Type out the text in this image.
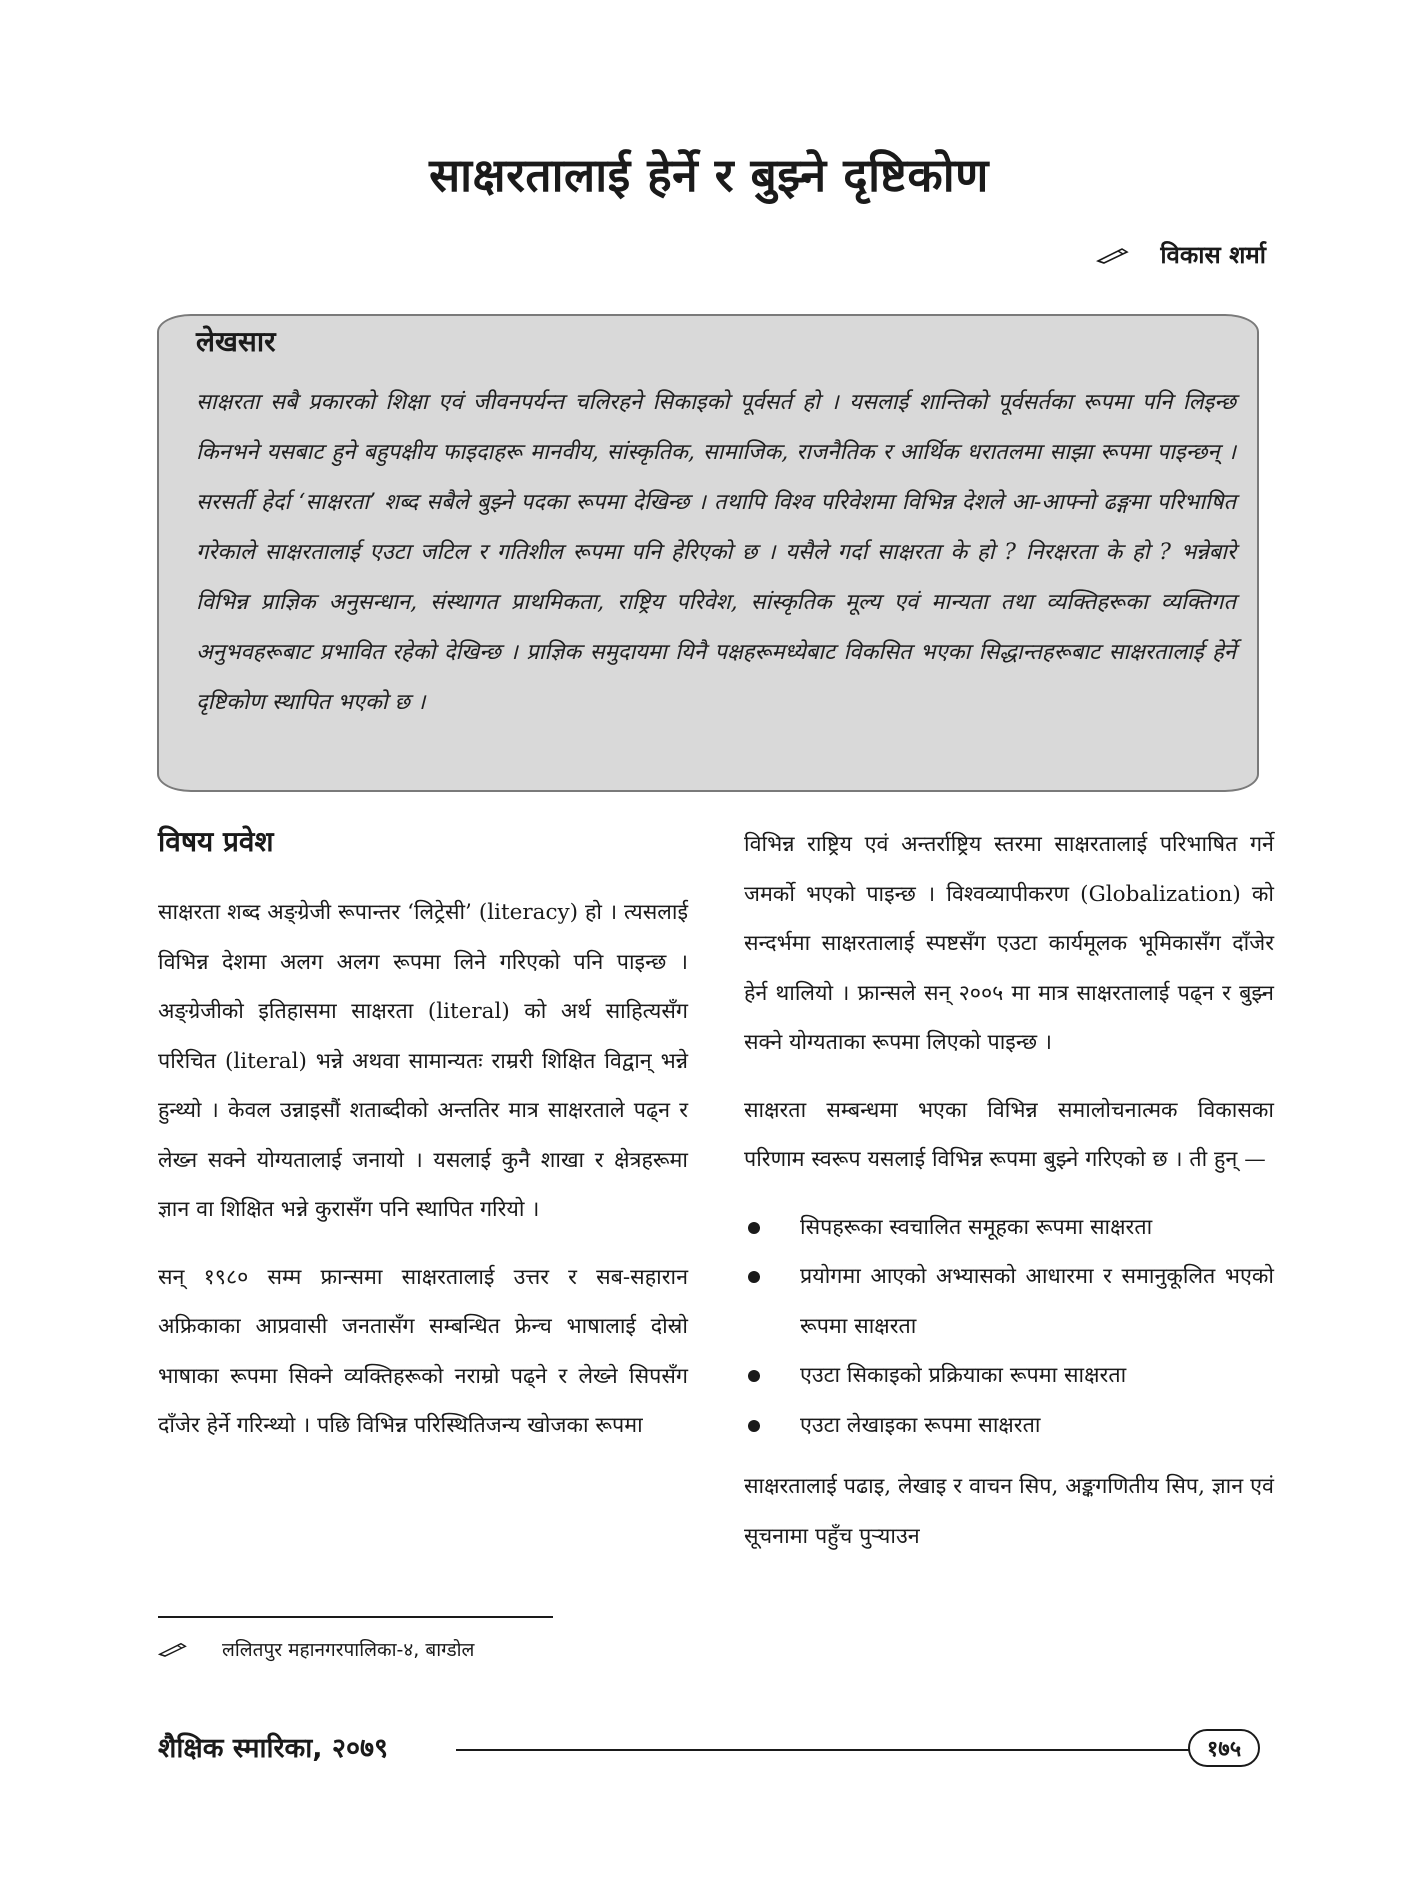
साक्षरतालाई हेर्ने र बुझ्ने दृष्टिकोण
विकास शर्मा
लेखसार

साक्षरता सबै प्रकारको शिक्षा एवं जीवनपर्यन्त चलिरहने सिकाइको पूर्वसर्त हो । यसलाई शान्तिको पूर्वसर्तका रूपमा पनि लिइन्छ किनभने यसबाट हुने बहुपक्षीय फाइदाहरू मानवीय, सांस्कृतिक, सामाजिक, राजनैतिक र आर्थिक धरातलमा साझा रूपमा पाइन्छन् । सरसर्ती हेर्दा ‘साक्षरता’ शब्द सबैले बुझ्ने पदका रूपमा देखिन्छ । तथापि विश्व परिवेशमा विभिन्न देशले आ-आफ्नो ढङ्गमा परिभाषित गरेकाले साक्षरतालाई एउटा जटिल र गतिशील रूपमा पनि हेरिएको छ । यसैले गर्दा साक्षरता के हो ? निरक्षरता के हो ? भन्नेबारे विभिन्न प्राज्ञिक अनुसन्धान, संस्थागत प्राथमिकता, राष्ट्रिय परिवेश, सांस्कृतिक मूल्य एवं मान्यता तथा व्यक्तिहरूका व्यक्तिगत अनुभवहरूबाट प्रभावित रहेको देखिन्छ । प्राज्ञिक समुदायमा यिनै पक्षहरूमध्येबाट विकसित भएका सिद्धान्तहरूबाट साक्षरतालाई हेर्ने दृष्टिकोण स्थापित भएको छ ।

विषय प्रवेश

साक्षरता शब्द अङ्ग्रेजी रूपान्तर ‘लिट्रेसी’ (literacy) हो । त्यसलाई विभिन्न देशमा अलग अलग रूपमा लिने गरिएको पनि पाइन्छ । अङ्ग्रेजीको इतिहासमा साक्षरता (literal) को अर्थ साहित्यसँग परिचित (literal) भन्ने अथवा सामान्यतः राम्ररी शिक्षित विद्वान् भन्ने हुन्थ्यो । केवल उन्नाइसौं शताब्दीको अन्ततिर मात्र साक्षरताले पढ्न र लेख्न सक्ने योग्यतालाई जनायो । यसलाई कुनै शाखा र क्षेत्रहरूमा ज्ञान वा शिक्षित भन्ने कुरासँग पनि स्थापित गरियो ।

सन् १९८० सम्म फ्रान्समा साक्षरतालाई उत्तर र सब-सहारान अफ्रिकाका आप्रवासी जनतासँग सम्बन्धित फ्रेन्च भाषालाई दोस्रो भाषाका रूपमा सिक्ने व्यक्तिहरूको नराम्रो पढ्ने र लेख्ने सिपसँग दाँजेर हेर्ने गरिन्थ्यो । पछि विभिन्न परिस्थितिजन्य खोजका रूपमा

विभिन्न राष्ट्रिय एवं अन्तर्राष्ट्रिय स्तरमा साक्षरतालाई परिभाषित गर्ने जमर्को भएको पाइन्छ । विश्वव्यापीकरण (Globalization) को सन्दर्भमा साक्षरतालाई स्पष्टसँग एउटा कार्यमूलक भूमिकासँग दाँजेर हेर्न थालियो । फ्रान्सले सन् २००५ मा मात्र साक्षरतालाई पढ्न र बुझ्न सक्ने योग्यताका रूपमा लिएको पाइन्छ ।

साक्षरता सम्बन्धमा भएका विभिन्न समालोचनात्मक विकासका परिणाम स्वरूप यसलाई विभिन्न रूपमा बुझ्ने गरिएको छ । ती हुन् —

सिपहरूका स्वचालित समूहका रूपमा साक्षरता
प्रयोगमा आएको अभ्यासको आधारमा र समानुकूलित भएको रूपमा साक्षरता
एउटा सिकाइको प्रक्रियाका रूपमा साक्षरता
एउटा लेखाइका रूपमा साक्षरता

साक्षरतालाई पढाइ, लेखाइ र वाचन सिप, अङ्कगणितीय सिप, ज्ञान एवं सूचनामा पहुँच पुऱ्याउन

ललितपुर महानगरपालिका-४, बाग्डोल
शैक्षिक स्मारिका, २०७९	१७५
